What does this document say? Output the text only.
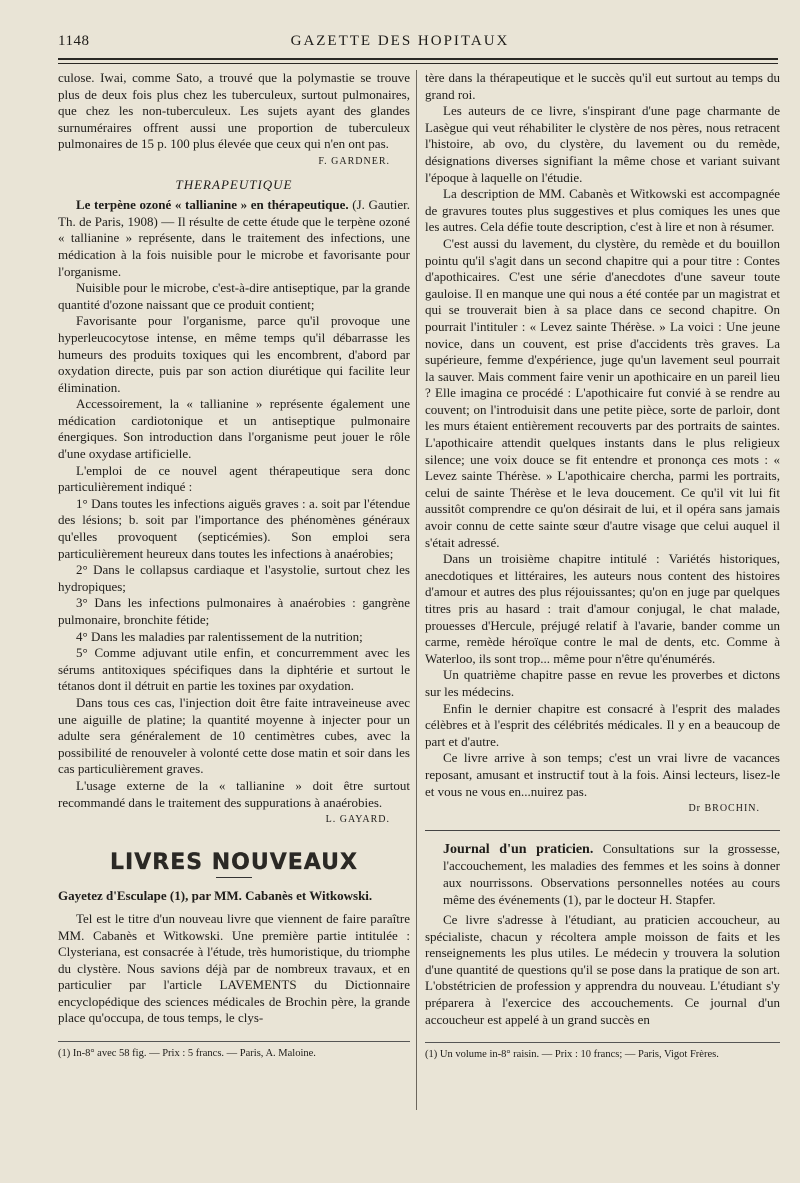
1148	GAZETTE DES HOPITAUX

culose. Iwai, comme Sato, a trouvé que la polymastie se trouve plus de deux fois plus chez les tuberculeux, surtout pulmonaires, que chez les non-tuberculeux. Les sujets ayant des glandes surnuméraires offrent aussi une proportion de tuberculeux pulmonaires de 15 p. 100 plus élevée que ceux qui n'en ont pas.

F. GARDNER.
THERAPEUTIQUE

Le terpène ozoné « tallianine » en thérapeutique. (J. Gautier. Th. de Paris, 1908) — Il résulte de cette étude que le terpène ozoné « tallianine » représente, dans le traitement des infections, une médication à la fois nuisible pour le microbe et favorisante pour l'organisme.

Nuisible pour le microbe, c'est-à-dire antiseptique, par la grande quantité d'ozone naissant que ce produit contient;

Favorisante pour l'organisme, parce qu'il provoque une hyperleucocytose intense, en même temps qu'il débarrasse les humeurs des produits toxiques qui les encombrent, d'abord par oxydation directe, puis par son action diurétique qui facilite leur élimination.

Accessoirement, la « tallianine » représente également une médication cardiotonique et un antiseptique pulmonaire énergiques. Son introduction dans l'organisme peut jouer le rôle d'une oxydase artificielle.

L'emploi de ce nouvel agent thérapeutique sera donc particulièrement indiqué :

1° Dans toutes les infections aiguës graves : a. soit par l'étendue des lésions; b. soit par l'importance des phénomènes généraux qu'elles provoquent (septicémies). Son emploi sera particulièrement heureux dans toutes les infections à anaérobies;

2° Dans le collapsus cardiaque et l'asystolie, surtout chez les hydropiques;

3° Dans les infections pulmonaires à anaérobies : gangrène pulmonaire, bronchite fétide;

4° Dans les maladies par ralentissement de la nutrition;

5° Comme adjuvant utile enfin, et concurremment avec les sérums antitoxiques spécifiques dans la diphtérie et surtout le tétanos dont il détruit en partie les toxines par oxydation.

Dans tous ces cas, l'injection doit être faite intraveineuse avec une aiguille de platine; la quantité moyenne à injecter pour un adulte sera généralement de 10 centimètres cubes, avec la possibilité de renouveler à volonté cette dose matin et soir dans les cas particulièrement graves.

L'usage externe de la « tallianine » doit être surtout recommandé dans le traitement des suppurations à anaérobies.

L. GAYARD.
LIVRES NOUVEAUX

Gayetez d'Esculape (1), par MM. Cabanès et Witkowski.

Tel est le titre d'un nouveau livre que viennent de faire paraître MM. Cabanès et Witkowski. Une première partie intitulée : Clysteriana, est consacrée à l'étude, très humoristique, du triomphe du clystère. Nous savions déjà par de nombreux travaux, et en particulier par l'article LAVEMENTS du Dictionnaire encyclopédique des sciences médicales de Brochin père, la grande place qu'occupa, de tous temps, le clys-

(1) In-8° avec 58 fig. — Prix : 5 francs. — Paris, A. Maloine.

tère dans la thérapeutique et le succès qu'il eut surtout au temps du grand roi.

Les auteurs de ce livre, s'inspirant d'une page charmante de Lasègue qui veut réhabiliter le clystère de nos pères, nous retracent l'histoire, ab ovo, du clystère, du lavement ou du remède, désignations diverses signifiant la même chose et variant suivant l'époque à laquelle on l'étudie.

La description de MM. Cabanès et Witkowski est accompagnée de gravures toutes plus suggestives et plus comiques les unes que les autres. Cela défie toute description, c'est à lire et non à résumer.

C'est aussi du lavement, du clystère, du remède et du bouillon pointu qu'il s'agit dans un second chapitre qui a pour titre : Contes d'apothicaires. C'est une série d'anecdotes d'une saveur toute gauloise. Il en manque une qui nous a été contée par un magistrat et qui se trouverait bien à sa place dans ce second chapitre. On pourrait l'intituler : « Levez sainte Thérèse. » La voici : Une jeune novice, dans un couvent, est prise d'accidents très graves. La supérieure, femme d'expérience, juge qu'un lavement seul pourrait la sauver. Mais comment faire venir un apothicaire en un pareil lieu ? Elle imagina ce procédé : L'apothicaire fut convié à se rendre au couvent; on l'introduisit dans une petite pièce, sorte de parloir, dont les murs étaient entièrement recouverts par des portraits de saintes. L'apothicaire attendit quelques instants dans le plus religieux silence; une voix douce se fit entendre et prononça ces mots : « Levez sainte Thérèse. » L'apothicaire chercha, parmi les portraits, celui de sainte Thérèse et le leva doucement. Ce qu'il vit lui fit aussitôt comprendre ce qu'on désirait de lui, et il opéra sans jamais avoir connu de cette sainte sœur d'autre visage que celui auquel il s'était adressé.

Dans un troisième chapitre intitulé : Variétés historiques, anecdotiques et littéraires, les auteurs nous content des histoires d'amour et autres des plus réjouissantes; qu'on en juge par quelques titres pris au hasard : trait d'amour conjugal, le chat malade, prouesses d'Hercule, préjugé relatif à l'avarie, bander comme un carme, remède héroïque contre le mal de dents, etc. Comme à Waterloo, ils sont trop... même pour n'être qu'énumérés.

Un quatrième chapitre passe en revue les proverbes et dictons sur les médecins.

Enfin le dernier chapitre est consacré à l'esprit des malades célèbres et à l'esprit des célébrités médicales. Il y en a beaucoup de part et d'autre.

Ce livre arrive à son temps; c'est un vrai livre de vacances reposant, amusant et instructif tout à la fois. Ainsi lecteurs, lisez-le et vous ne vous en...nuirez pas.

Dr BROCHIN.

Journal d'un praticien. Consultations sur la grossesse, l'accouchement, les maladies des femmes et les soins à donner aux nourrissons. Observations personnelles notées au cours même des événements (1), par le docteur H. Stapfer.

Ce livre s'adresse à l'étudiant, au praticien accoucheur, au spécialiste, chacun y récoltera ample moisson de faits et les renseignements les plus utiles. Le médecin y trouvera la solution d'une quantité de questions qu'il se pose dans la pratique de son art. L'obstétricien de profession y apprendra du nouveau. L'étudiant s'y préparera à l'exercice des accouchements. Ce journal d'un accoucheur est appelé à un grand succès en

(1) Un volume in-8° raisin. — Prix : 10 francs; — Paris, Vigot Frères.
